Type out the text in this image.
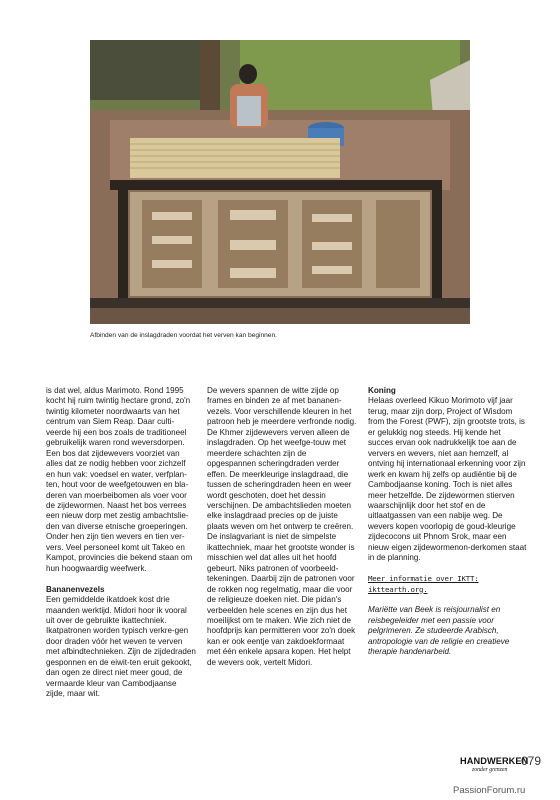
Afbinden van de inslagdraden voordat het verven kan beginnen.

is dat wel, aldus Marimoto. Rond 1995 kocht hij ruim twintig hectare grond, zo'n twintig kilometer noordwaarts van het centrum van Siem Reap. Daar culti-veerde hij een bos zoals de traditioneel gebruikelijk waren rond weversdorpen. Een bos dat zijdewevers voorziet van alles dat ze nodig hebben voor zichzelf en hun vak: voedsel en water, verfplan-ten, hout voor de weefgetouwen en bla-deren van moerbeibomen als voer voor de zijdewormen. Naast het bos verrees een nieuw dorp met zestig ambachtslie-den van diverse etnische groeperingen. Onder hen zijn tien wevers en tien ver-vers. Veel personeel komt uit Takeo en Kampot, provincies die bekend staan om hun hoogwaardig weefwerk.

Bananenvezels

Een gemiddelde ikatdoek kost drie maanden werktijd. Midori hoor ik vooral uit over de gebruikte ikattechniek. Ikatpatronen worden typisch verkre-gen door draden vóór het weven te verven met afbindtechnieken. Zijn de zijdedraden gesponnen en de eiwit-ten eruit gekookt, dan ogen ze direct niet meer goud, de vermaarde kleur van Cambodjaanse zijde, maar wit.

De wevers spannen de witte zijde op frames en binden ze af met bananen-vezels. Voor verschillende kleuren in het patroon heb je meerdere verfronde nodig. De Khmer zijdewevers verven alleen de inslagdraden. Op het weefge-touw met meerdere schachten zijn de opgespannen scheringdraden verder effen. De meerkleurige inslagdraad, die tussen de scheringdraden heen en weer wordt geschoten, doet het dessin verschijnen. De ambachtslieden moeten elke inslagdraad precies op de juiste plaats weven om het ontwerp te creëren.

De inslagvariant is niet de simpelste ikattechniek, maar het grootste wonder is misschien wel dat alles uit het hoofd gebeurt. Niks patronen of voorbeeld-tekeningen. Daarbij zijn de patronen voor de rokken nog regelmatig, maar die voor de religieuze doeken niet. Die pidan's verbeelden hele scenes en zijn dus het moeilijkst om te maken. Wie zich niet de hoofdprijs kan permitteren voor zo'n doek kan er ook eentje van zakdoekformaat met één enkele apsara kopen. Het helpt de wevers ook, vertelt Midori.

Koning

Helaas overleed Kikuo Morimoto vijf jaar terug, maar zijn dorp, Project of Wisdom from the Forest (PWF), zijn grootste trots, is er gelukkig nog steeds. Hij kende het succes ervan ook nadrukkelijk toe aan de ververs en wevers, niet aan hemzelf, al ontving hij internationaal erkenning voor zijn werk en kwam hij zelfs op audiëntie bij de Cambodjaanse koning. Toch is niet alles meer hetzelfde. De zijdewormen stierven waarschijnlijk door het stof en de uitlaatgassen van een nabije weg. De wevers kopen voorlopig de goud-kleurige zijdecocons uit Phnom Srok, maar een nieuw eigen zijdewormenon-derkomen staat in de planning.

Meer informatie over IKTT:
ikttearth.org.

Mariëtte van Beek is reisjournalist en reisbegeleider met een passie voor pelgrimeren. Ze studeerde Arabisch, antropologie van de religie en creatieve therapie handenarbeid.

HANDWERKEN
zonder grenzen
079
PassionForum.ru
